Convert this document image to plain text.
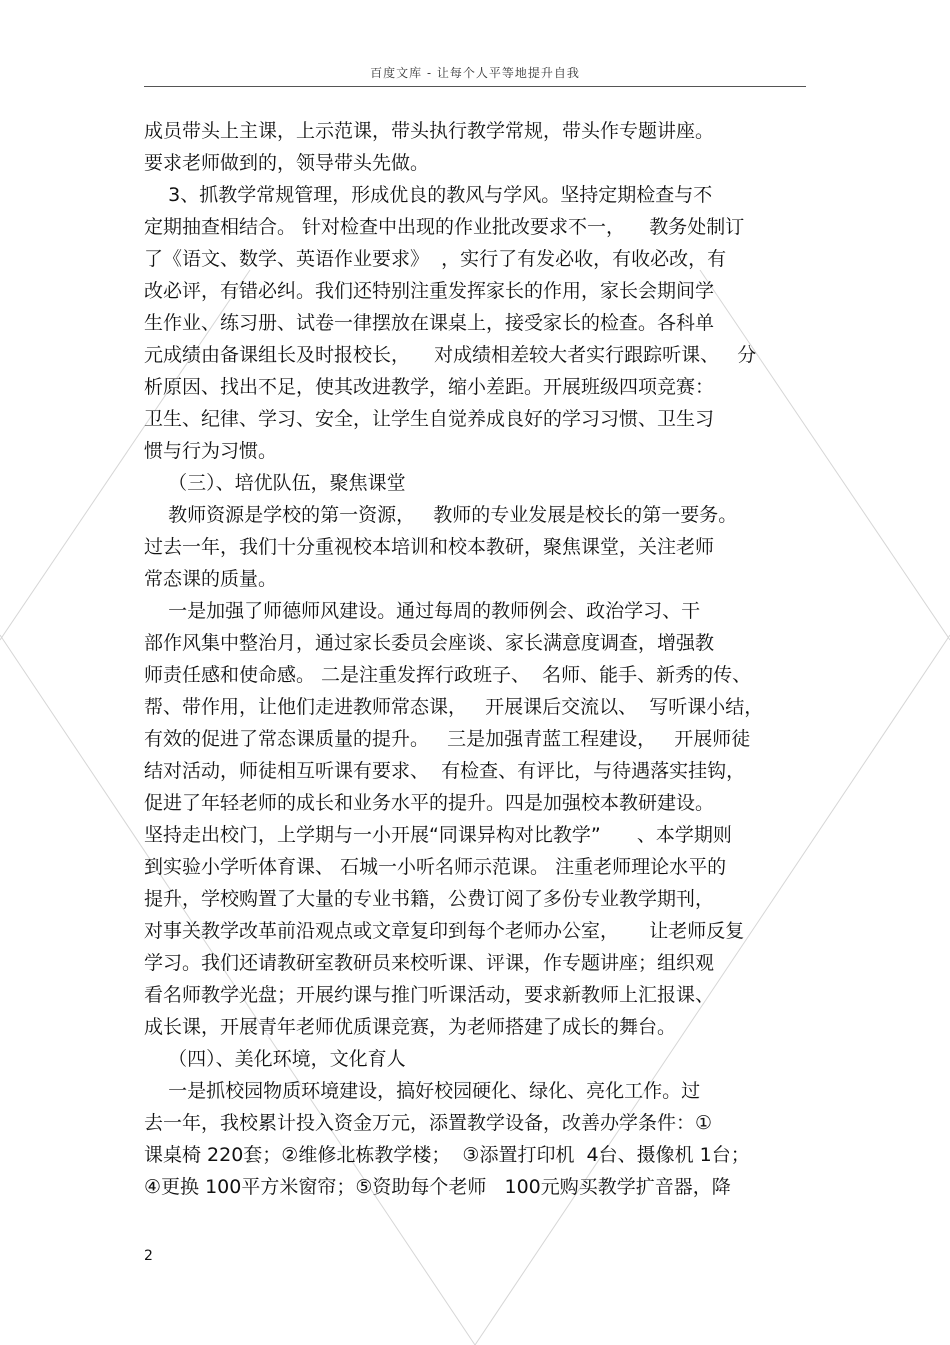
百度文库 - 让每个人平等地提升自我
成员带头上主课，上示范课，带头执行教学常规，带头作专题讲座。
要求老师做到的，领导带头先做。
3、抓教学常规管理，形成优良的教风与学风。坚持定期检查与不
定期抽查相结合。 针对检查中出现的作业批改要求不一，    教务处制订
了《语文、数学、英语作业要求》  ，实行了有发必收，有收必改，有
改必评，有错必纠。我们还特别注重发挥家长的作用，家长会期间学
生作业、练习册、试卷一律摆放在课桌上，接受家长的检查。各科单
元成绩由备课组长及时报校长，    对成绩相差较大者实行跟踪听课、   分
析原因、找出不足，使其改进教学，缩小差距。开展班级四项竞赛：
卫生、纪律、学习、安全，让学生自觉养成良好的学习习惯、卫生习
惯与行为习惯。
（三）、培优队伍，聚焦课堂
教师资源是学校的第一资源，   教师的专业发展是校长的第一要务。
过去一年，我们十分重视校本培训和校本教研，聚焦课堂，关注老师
常态课的质量。
一是加强了师德师风建设。通过每周的教师例会、政治学习、干
部作风集中整治月，通过家长委员会座谈、家长满意度调查，增强教
师责任感和使命感。 二是注重发挥行政班子、  名师、能手、新秀的传、
帮、带作用，让他们走进教师常态课，   开展课后交流以、  写听课小结，
有效的促进了常态课质量的提升。   三是加强青蓝工程建设，   开展师徒
结对活动，师徒相互听课有要求、  有检查、有评比，与待遇落实挂钩，
促进了年轻老师的成长和业务水平的提升。四是加强校本教研建设。
坚持走出校门，上学期与一小开展“同课异构对比教学”      、本学期则
到实验小学听体育课、 石城一小听名师示范课。 注重老师理论水平的
提升，学校购置了大量的专业书籍，公费订阅了多份专业教学期刊，
对事关教学改革前沿观点或文章复印到每个老师办公室，     让老师反复
学习。我们还请教研室教研员来校听课、评课，作专题讲座；组织观
看名师教学光盘；开展约课与推门听课活动，要求新教师上汇报课、
成长课，开展青年老师优质课竞赛，为老师搭建了成长的舞台。
（四）、美化环境，文化育人
一是抓校园物质环境建设，搞好校园硬化、绿化、亮化工作。过
去一年，我校累计投入资金万元，添置教学设备，改善办学条件：①
课桌椅 220套；②维修北栋教学楼；  ③添置打印机  4台、摄像机 1台；
④更换 100平方米窗帘；⑤资助每个老师   100元购买教学扩音器，降
2
